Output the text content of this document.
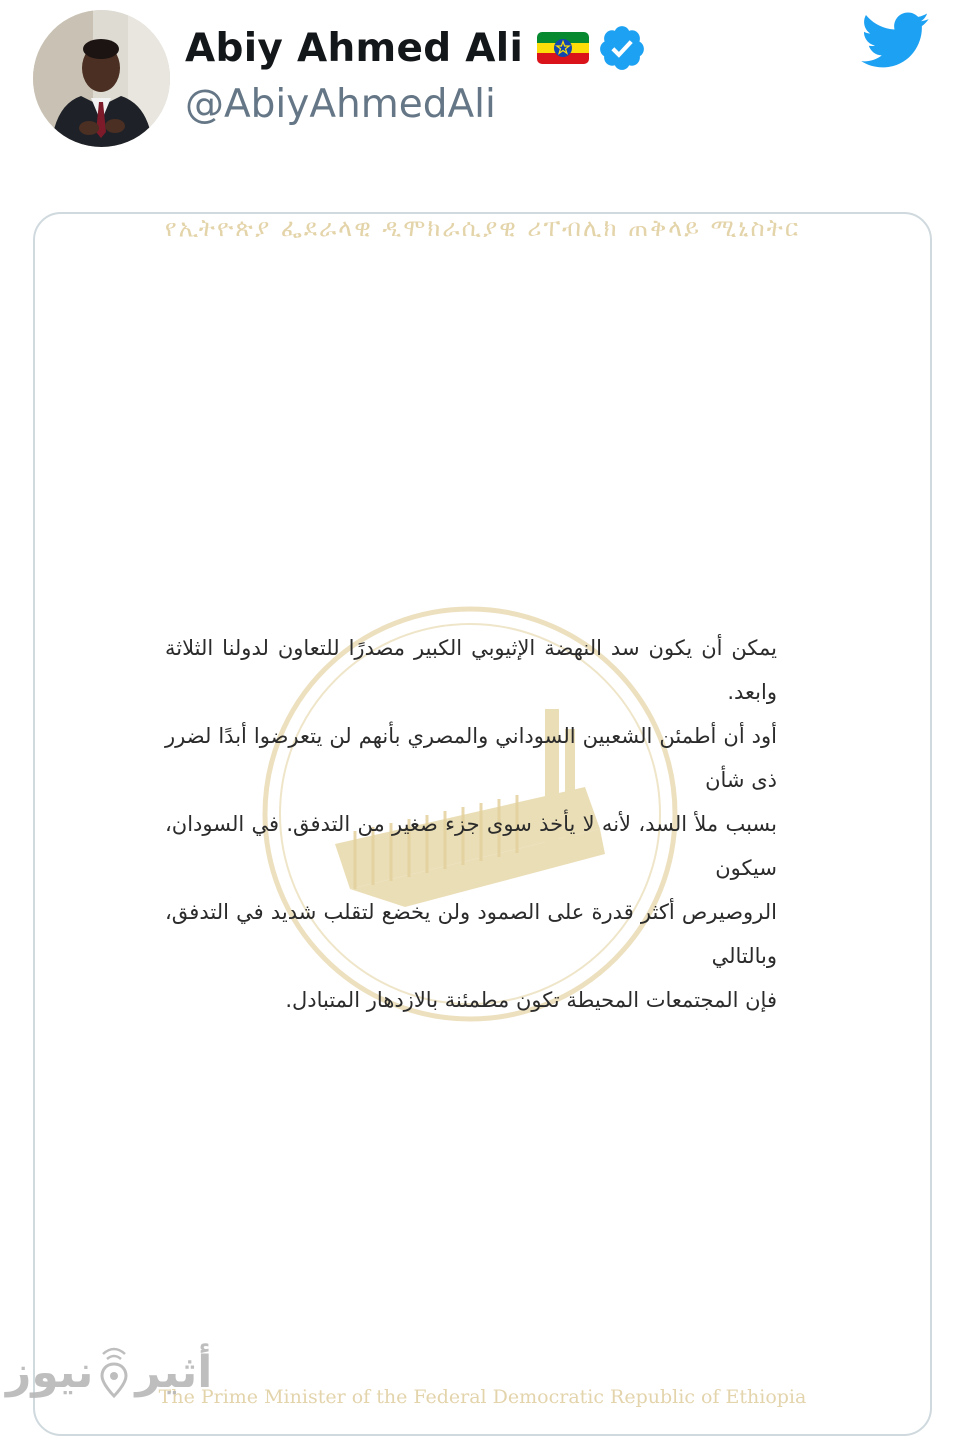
Abiy Ahmed Ali
@AbiyAhmedAli
የኢትዮጵያ ፌደራላዊ ዲሞክራሲያዊ ሪፐብሊክ ጠቅላይ ሚኒስትር
يمكن أن يكون سد النهضة الإثيوبي الكبير مصدرًا للتعاون لدولنا الثلاثة وابعد.
أود أن أطمئن الشعبين السوداني والمصري بأنهم لن يتعرضوا أبدًا لضرر ذى شأن
بسبب ملأ السد، لأنه لا يأخذ سوى جزء صغير من التدفق. في السودان، سيكون
الروصيرص أكثر قدرة على الصمود ولن يخضع لتقلب شديد في التدفق، وبالتالي
فإن المجتمعات المحيطة تكون مطمئنة بالازدهار المتبادل.
The Prime Minister of the Federal Democratic Republic of Ethiopia
أثير
نيوز
